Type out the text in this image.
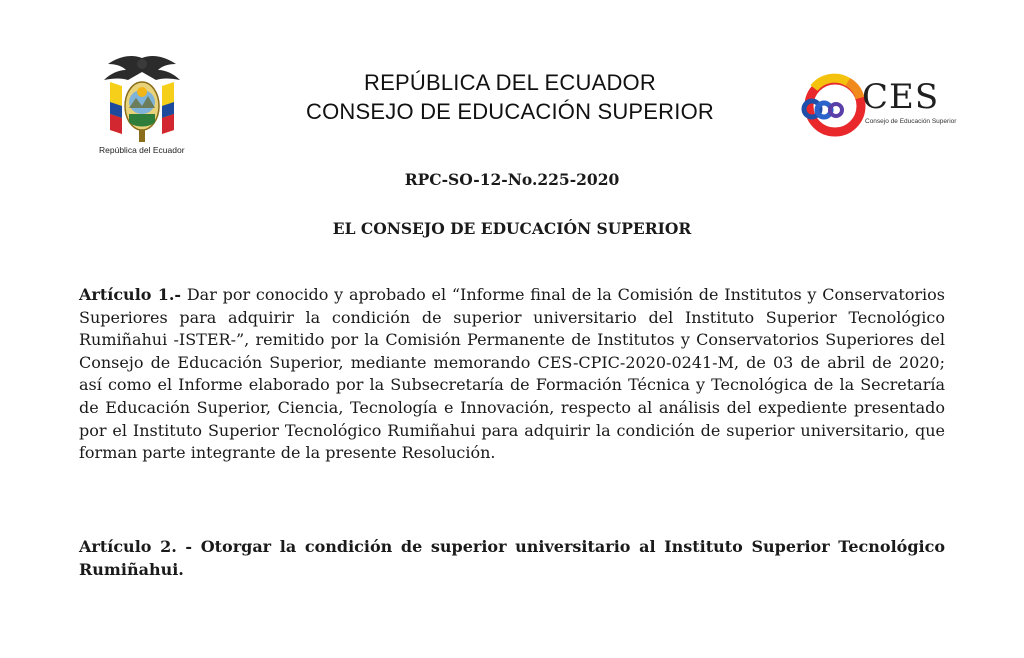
República del Ecuador
REPÚBLICA DEL ECUADOR
CONSEJO DE EDUCACIÓN SUPERIOR	CES
Consejo de Educación Superior
RPC-SO-12-No.225-2020
EL CONSEJO DE EDUCACIÓN SUPERIOR
Artículo 1.- Dar por conocido y aprobado el “Informe final de la Comisión de Institutos y Conservatorios Superiores para adquirir la condición de superior universitario del Instituto Superior Tecnológico Rumiñahui -ISTER-”, remitido por la Comisión Permanente de Institutos y Conservatorios Superiores del Consejo de Educación Superior, mediante memorando CES-CPIC-2020-0241-M, de 03 de abril de 2020; así como el Informe elaborado por la Subsecretaría de Formación Técnica y Tecnológica de la Secretaría de Educación Superior, Ciencia, Tecnología e Innovación, respecto al análisis del expediente presentado por el Instituto Superior Tecnológico Rumiñahui para adquirir la condición de superior universitario, que forman parte integrante de la presente Resolución.
Artículo 2. - Otorgar la condición de superior universitario al Instituto Superior Tecnológico Rumiñahui.
